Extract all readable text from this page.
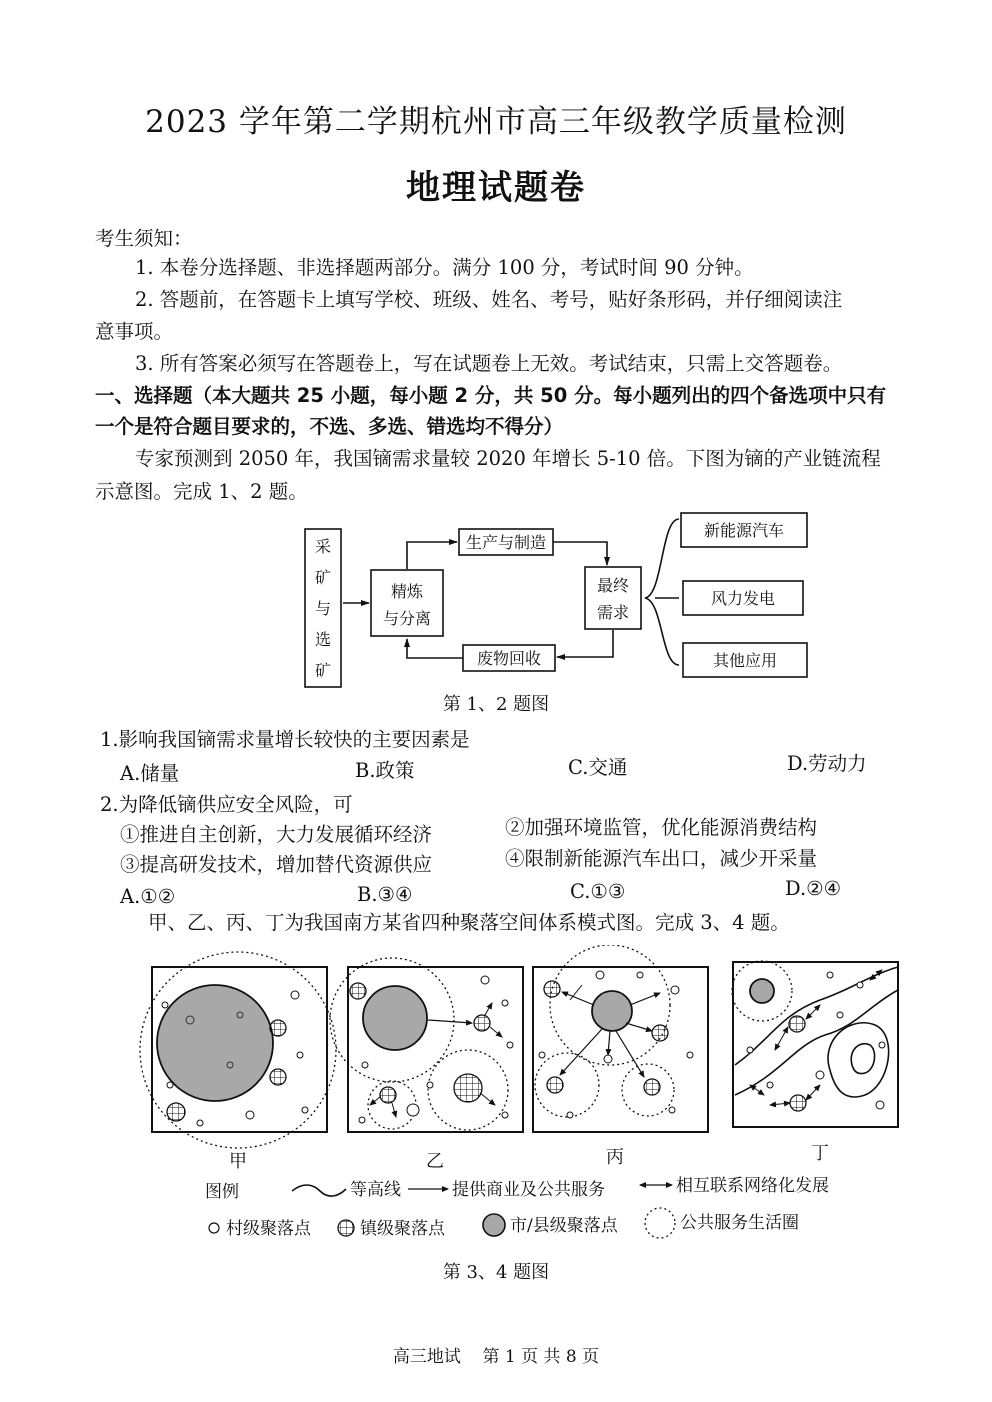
2023 学年第二学期杭州市高三年级教学质量检测
地理试题卷
考生须知：
1. 本卷分选择题、非选择题两部分。满分 100 分，考试时间 90 分钟。
2. 答题前，在答题卡上填写学校、班级、姓名、考号，贴好条形码，并仔细阅读注
意事项。
3. 所有答案必须写在答题卷上，写在试题卷上无效。考试结束，只需上交答题卷。
一、选择题（本大题共 25 小题，每小题 2 分，共 50 分。每小题列出的四个备选项中只有
一个是符合题目要求的，不选、多选、错选均不得分）
专家预测到 2050 年，我国镝需求量较 2020 年增长 5-10 倍。下图为镝的产业链流程
示意图。完成 1、2 题。
采
矿
与
选
矿
精炼
与分离
生产与制造
最终
需求
废物回收
新能源汽车
风力发电
其他应用
第 1、2 题图
1.影响我国镝需求量增长较快的主要因素是
A.储量	B.政策	C.交通	D.劳动力
2.为降低镝供应安全风险，可
①推进自主创新，大力发展循环经济	②加强环境监管，优化能源消费结构
③提高研发技术，增加替代资源供应	④限制新能源汽车出口，减少开采量
A.①②	B.③④	C.①③	D.②④
甲、乙、丙、丁为我国南方某省四种聚落空间体系模式图。完成 3、4 题。
甲	乙	丙	丁
图例	等高线	提供商业及公共服务	相互联系网络化发展
村级聚落点	镇级聚落点	市/县级聚落点	公共服务生活圈
第 3、4 题图
高三地试    第 1 页 共 8 页
